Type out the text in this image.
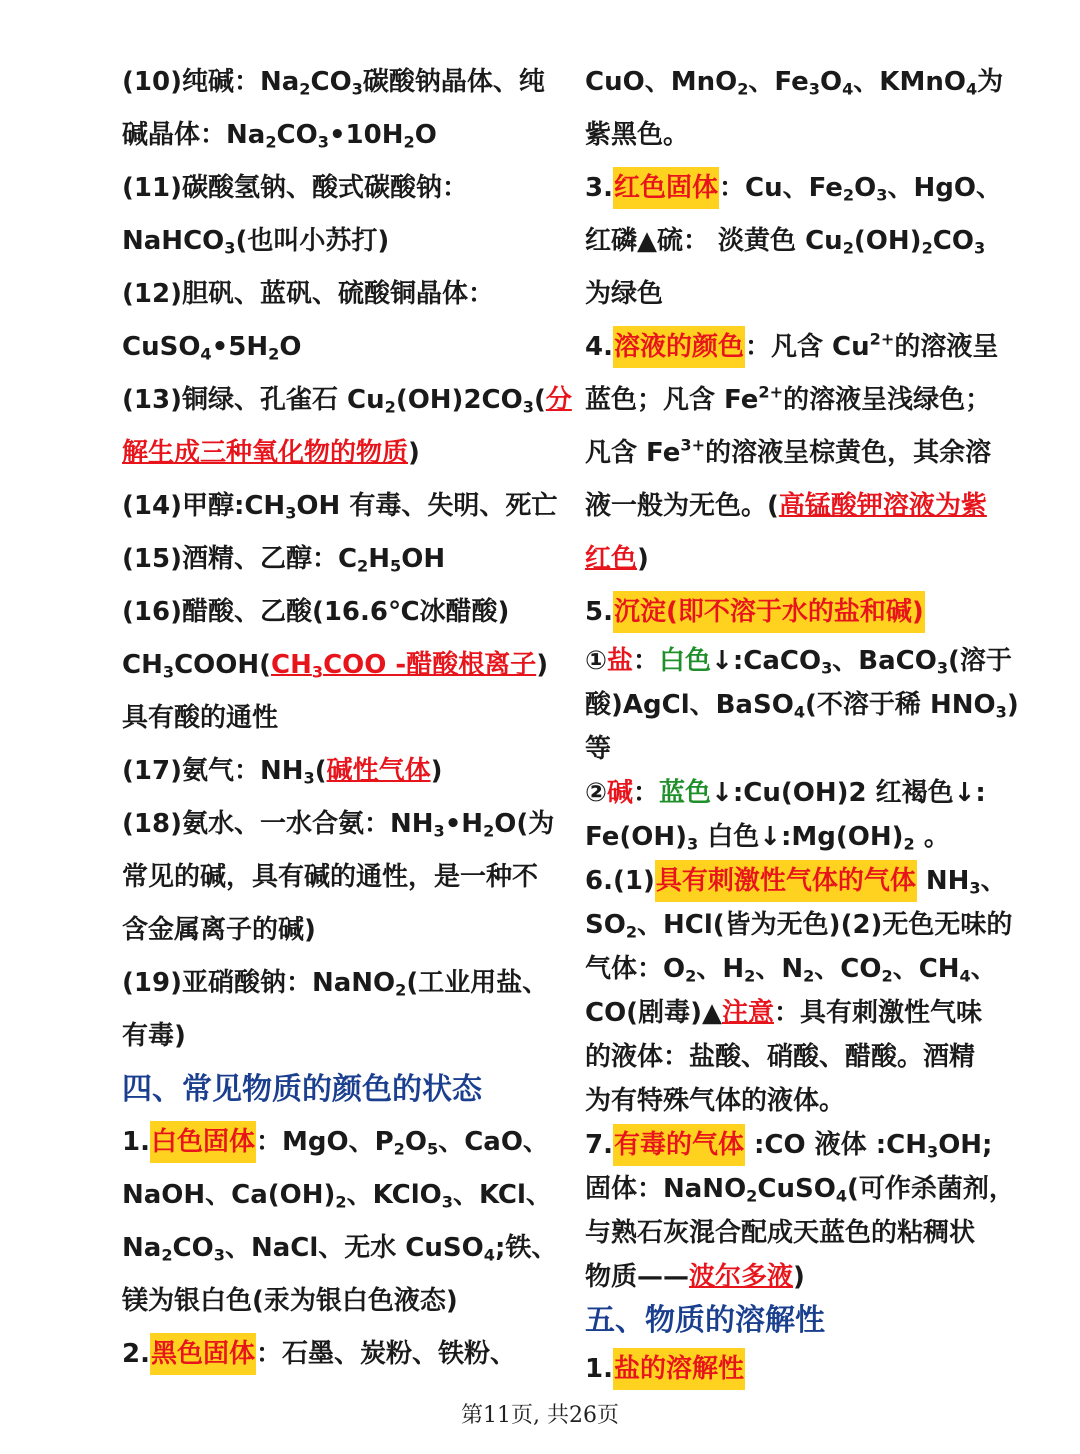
(10)纯碱：$Na_2CO_3$碳酸钠晶体、纯
碱晶体：$Na_2CO_3•10H_2O$
(11)碳酸氢钠、酸式碳酸钠：
NaHCO$_3$(也叫小苏打)
(12)胆矾、蓝矾、硫酸铜晶体：
$CuSO_4•5H_2O$
(13)铜绿、孔雀石 $Cu_2(OH)2CO_3$(分
解生成三种氧化物的物质)
(14)甲醇$:CH_3OH$ 有毒、失明、死亡
(15)酒精、乙醇：$C_2H_5OH$
(16)醋酸、乙酸(16.6℃冰醋酸)
$CH_3COOH(CH_3COO$ -醋酸根离子)
具有酸的通性
(17)氨气：$NH_3$(碱性气体)
(18)氨水、一水合氨：$NH_3•H_2O$(为
常见的碱，具有碱的通性，是一种不
含金属离子的碱)
(19)亚硝酸钠：NaNO$_2$(工业用盐、
有毒)
四、常见物质的颜色的状态
1.白色固体：MgO、$P_2O_5$、CaO、
NaOH、$Ca(OH)_2$、KClO$_3$、KCl、
$Na_2CO_3$、NaCl、无水 CuSO$_4$;铁、
镁为银白色(汞为银白色液态)
2.黑色固体：石墨、炭粉、铁粉、
CuO、MnO$_2$、$Fe_3O_4$、KMnO$_4$为
紫黑色。
3.红色固体：Cu、$Fe_2O_3$、HgO、
红磷▲硫： 淡黄色 $Cu_2(OH)_2CO_3$
为绿色
4.溶液的颜色：凡含 $Cu^{2+}$的溶液呈
蓝色；凡含 $Fe^{2+}$的溶液呈浅绿色；
凡含 $Fe^{3+}$的溶液呈棕黄色，其余溶
液一般为无色。(高锰酸钾溶液为紫
红色)
5.沉淀(即不溶于水的盐和碱)
①盐：白色↓:CaCO$_3$、BaCO$_3$(溶于
酸)AgCl、BaSO$_4$(不溶于稀 $HNO_3$)
等
②碱：蓝色↓:Cu(OH)2 红褐色↓:
$Fe(OH)_3$ 白色$↓:Mg(OH)_2$ 。
6.(1)具有刺激性气体的气体 $NH_3$、
$SO_2$、HCl(皆为无色)(2)无色无味的
气体：$O_2$、$H_2$、$N_2$、$CO_2$、$CH_4$、
CO(剧毒)▲注意：具有刺激性气味
的液体：盐酸、硝酸、醋酸。酒精
为有特殊气体的液体。
7.有毒的气体 :CO 液体 $:CH_3OH$;
固体：NaNO$_2$CuSO$_4$(可作杀菌剂，
与熟石灰混合配成天蓝色的粘稠状
物质——波尔多液)
五、物质的溶解性
1.盐的溶解性
第11页, 共26页
